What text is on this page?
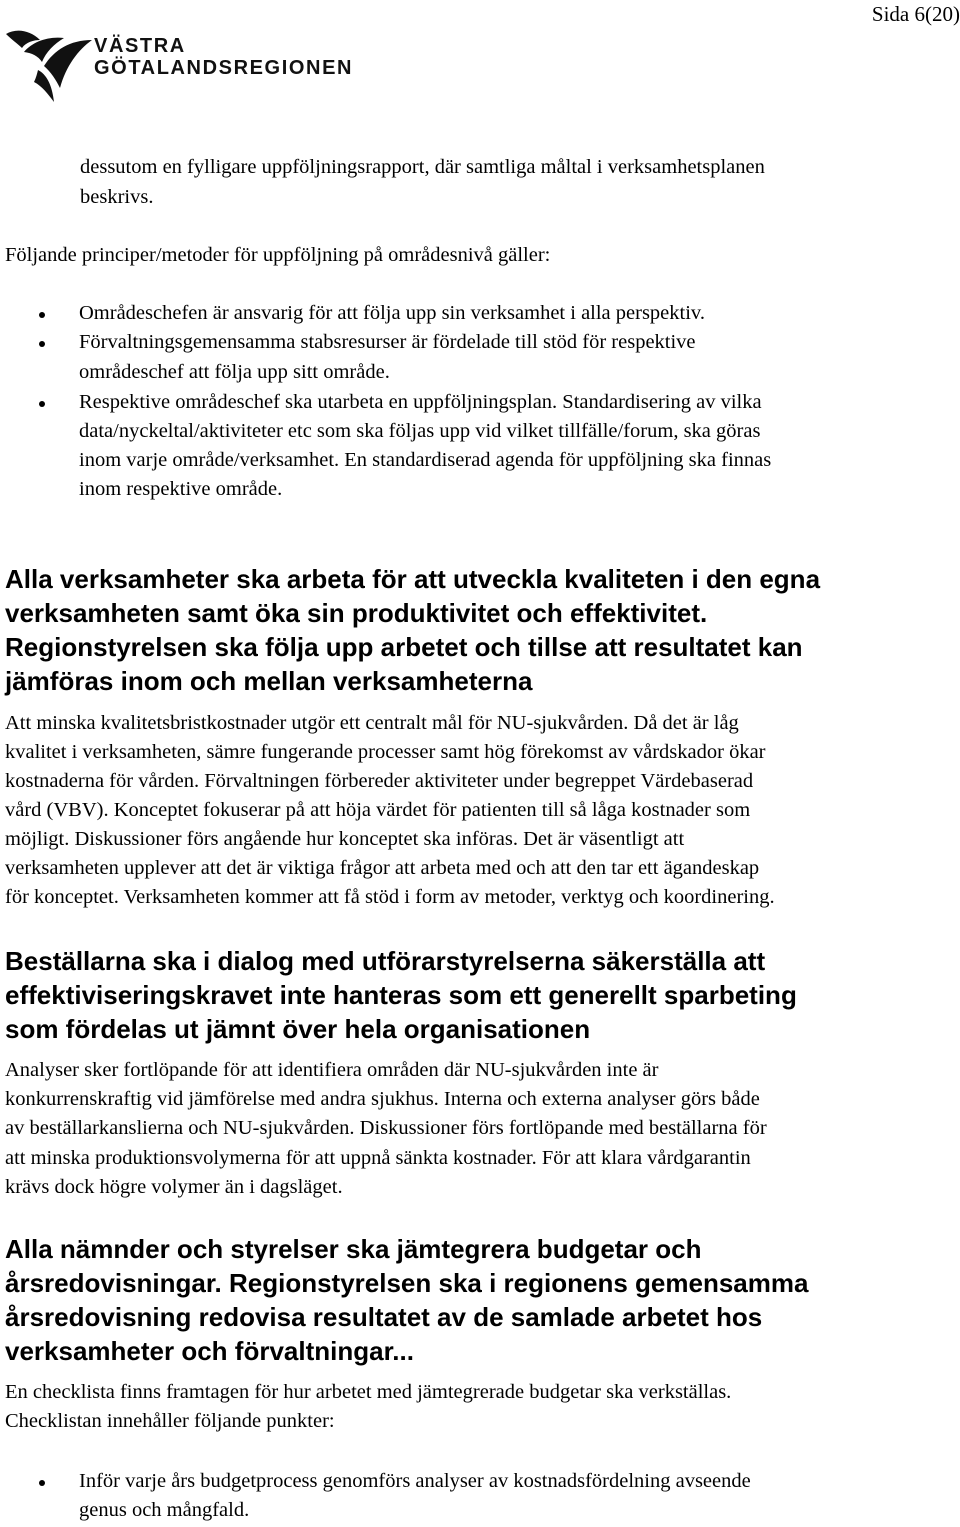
Sida 6(20)
VÄSTRA
GÖTALANDSREGIONEN

dessutom en fylligare uppföljningsrapport, där samtliga måltal i verksamhetsplanen

beskrivs.

Följande principer/metoder för uppföljning på områdesnivå gäller:

Områdeschefen är ansvarig för att följa upp sin verksamhet i alla perspektiv.

Förvaltningsgemensamma stabsresurser är fördelade till stöd för respektive

områdeschef att följa upp sitt område.

Respektive områdeschef ska utarbeta en uppföljningsplan. Standardisering av vilka

data/nyckeltal/aktiviteter etc som ska följas upp vid vilket tillfälle/forum, ska göras

inom varje område/verksamhet. En standardiserad agenda för uppföljning ska finnas

inom respektive område.

Alla verksamheter ska arbeta för att utveckla kvaliteten i den egna
verksamheten samt öka sin produktivitet och effektivitet.
Regionstyrelsen ska följa upp arbetet och tillse att resultatet kan
jämföras inom och mellan verksamheterna

Att minska kvalitetsbristkostnader utgör ett centralt mål för NU-sjukvården. Då det är låg

kvalitet i verksamheten, sämre fungerande processer samt hög förekomst av vårdskador ökar

kostnaderna för vården. Förvaltningen förbereder aktiviteter under begreppet Värdebaserad

vård (VBV). Konceptet fokuserar på att höja värdet för patienten till så låga kostnader som

möjligt. Diskussioner förs angående hur konceptet ska införas. Det är väsentligt att

verksamheten upplever att det är viktiga frågor att arbeta med och att den tar ett ägandeskap

för konceptet. Verksamheten kommer att få stöd i form av metoder, verktyg och koordinering.

Beställarna ska i dialog med utförarstyrelserna säkerställa att
effektiviseringskravet inte hanteras som ett generellt sparbeting
som fördelas ut jämnt över hela organisationen

Analyser sker fortlöpande för att identifiera områden där NU-sjukvården inte är

konkurrenskraftig vid jämförelse med andra sjukhus. Interna och externa analyser görs både

av beställarkanslierna och NU-sjukvården. Diskussioner förs fortlöpande med beställarna för

att minska produktionsvolymerna för att uppnå sänkta kostnader. För att klara vårdgarantin

krävs dock högre volymer än i dagsläget.

Alla nämnder och styrelser ska jämtegrera budgetar och
årsredovisningar. Regionstyrelsen ska i regionens gemensamma
årsredovisning redovisa resultatet av de samlade arbetet hos
verksamheter och förvaltningar...

En checklista finns framtagen för hur arbetet med jämtegrerade budgetar ska verkställas.

Checklistan innehåller följande punkter:

Inför varje års budgetprocess genomförs analyser av kostnadsfördelning avseende

genus och mångfald.
